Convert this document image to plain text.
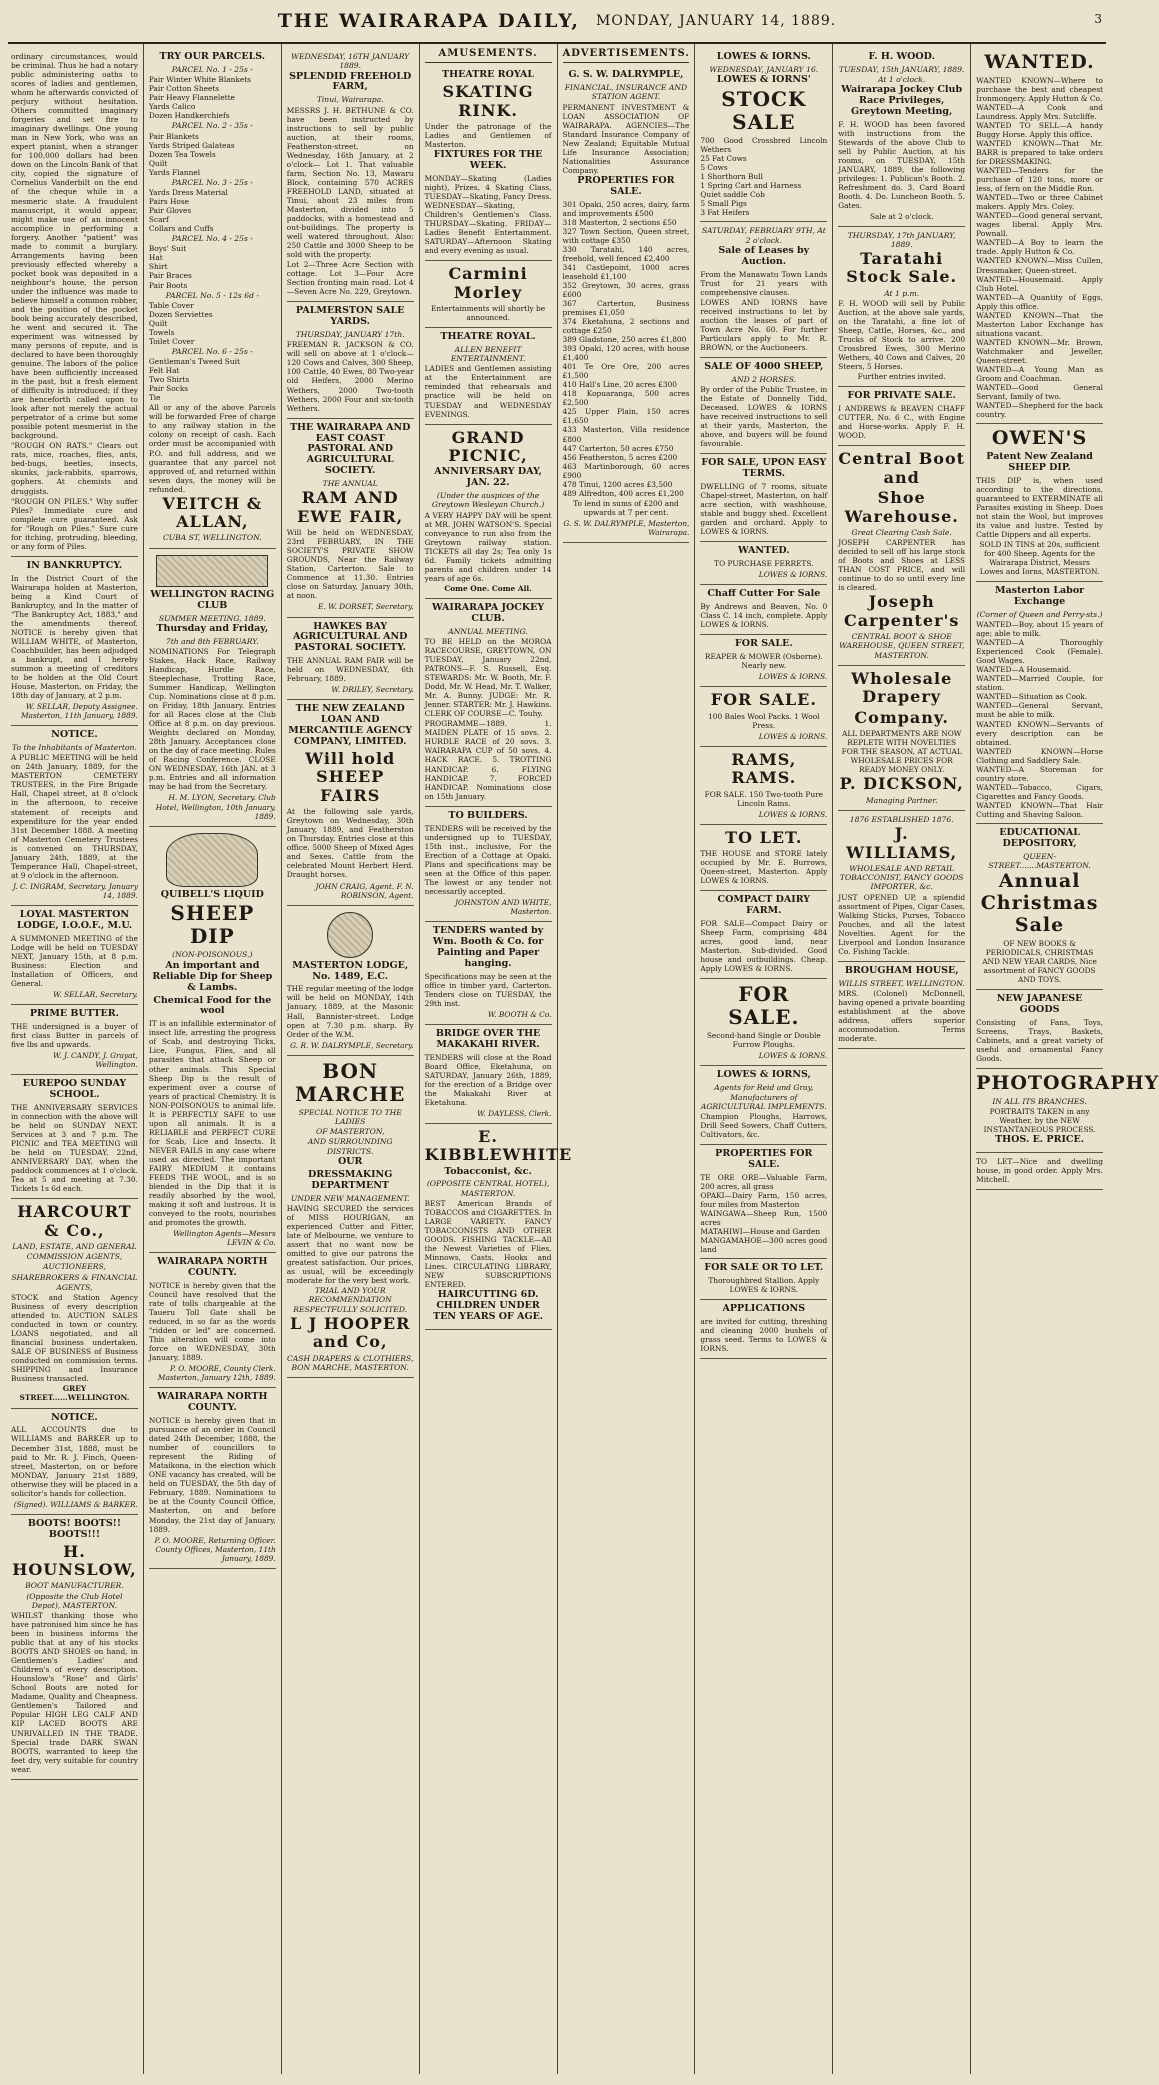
THE WAIRARAPA DAILY, MONDAY, JANUARY 14, 1889.	3

ordinary circumstances, would be criminal. Thus he had a notary public administering oaths to scores of ladies and gentlemen, whom he afterwards convicted of perjury without hesitation. Others committed imaginary forgeries and set fire to imaginary dwellings. One young man in New York, who was an expert pianist, when a stranger for 100,000 dollars had been down on the Lincoln Bank of that city, copied the signature of Cornelius Vanderbilt on the end of the cheque while in a mesmeric state. A fraudulent manuscript, it would appear, might make use of an innocent accomplice in performing a forgery. Another "patient" was made to commit a burglary. Arrangements having been previously effected whereby a pocket book was deposited in a neighbour's house, the person under the influence was made to believe himself a common robber, and the position of the pocket book being accurately described, he went and secured it. The experiment was witnessed by many persons of repute, and is declared to have been thoroughly genuine. The labors of the police have been sufficiently increased in the past, but a fresh element of difficulty is introduced; if they are henceforth called upon to look after not merely the actual perpetrator of a crime but some possible potent mesmerist in the background.

"ROUGH ON RATS." Clears out rats, mice, roaches, flies, ants, bed-bugs, beetles, insects, skunks, jack-rabbits, sparrows, gophers. At chemists and druggists.

"ROUGH ON PILES." Why suffer Piles? Immediate cure and complete cure guaranteed. Ask for "Rough on Piles." Sure cure for itching, protruding, bleeding, or any form of Piles.

IN BANKRUPTCY.

In the District Court of the Wairarapa holden at Masterton, being a Kind Court of Bankruptcy, and In the matter of "The Bankruptcy Act, 1883," and the amendments thereof. NOTICE is hereby given that WILLIAM WHITE, of Masterton, Coachbuilder, has been adjudged a bankrupt, and I hereby summon a meeting of creditors to be holden at the Old Court House, Masterton, on Friday, the 18th day of January, at 2 p.m.

W. SELLAR, Deputy Assignee. Masterton, 11th January, 1889.

NOTICE.
To the Inhabitants of Masterton.

A PUBLIC MEETING will be held on 24th January, 1889, for the MASTERTON CEMETERY TRUSTEES, in the Fire Brigade Hall, Chapel street, at 8 o'clock in the afternoon, to receive statement of receipts and expenditure for the year ended 31st December 1888. A meeting of Masterton Cemetery Trustees is convened on THURSDAY, January 24th, 1889, at the Temperance Hall, Chapel-street, at 9 o'clock in the afternoon.

J. C. INGRAM, Secretary. January 14, 1889.

LOYAL MASTERTON LODGE, I.O.O.F., M.U.

A SUMMONED MEETING of the Lodge will be held on TUESDAY NEXT, January 15th, at 8 p.m. Business: Election and Installation of Officers, and General.

W. SELLAR, Secretary.

PRIME BUTTER.

THE undersigned is a buyer of first class Butter in parcels of five lbs and upwards.

W. J. CANDY, J. Grayat, Wellington.

EUREPOO SUNDAY SCHOOL.

THE ANNIVERSARY SERVICES in connection with the above will be held on SUNDAY NEXT. Services at 3 and 7 p.m. The PICNIC and TEA MEETING will be held on TUESDAY, 22nd, ANNIVERSARY DAY, when the paddock commences at 1 o'clock. Tea at 5 and meeting at 7.30. Tickets 1s 6d each.

HARCOURT & Co.,
LAND, ESTATE, AND GENERAL
COMMISSION AGENTS,
AUCTIONEERS,
SHAREBROKERS & FINANCIAL
AGENTS,

STOCK and Station Agency Business of every description attended to. AUCTION SALES conducted in town or country. LOANS negotiated, and all financial business undertaken. SALE OF BUSINESS of Business conducted on commission terms. SHIPPING and Insurance Business transacted.

GREY STREET......WELLINGTON.

NOTICE.

ALL ACCOUNTS due to WILLIAMS and BARKER up to December 31st, 1888, must be paid to Mr. R. J. Finch, Queen-street, Masterton, on or before MONDAY, January 21st 1889, otherwise they will be placed in a solicitor's hands for collection.

(Signed). WILLIAMS & BARKER.

BOOTS! BOOTS!! BOOTS!!!
H. HOUNSLOW,
BOOT MANUFACTURER.
(Opposite the Club Hotel Depot), MASTERTON.

WHILST thanking those who have patronised him since he has been in business informs the public that at any of his stocks BOOTS AND SHOES on hand, in Gentlemen's Ladies' and Children's of every description. Hounslow's "Rose" and Girls' School Boots are noted for Madame, Quality and Cheapness. Gentlemen's Tailored and Popular HIGH LEG CALF AND KIP LACED BOOTS ARE UNRIVALLED IN THE TRADE. Special trade DARK SWAN BOOTS, warranted to keep the feet dry, very suitable for country wear.

TRY OUR PARCELS.
PARCEL No. 1 - 25s -

Pair Winter White Blankets

Pair Cotton Sheets

Pair Heavy Flannelette

Yards Calico

Dozen Handkerchiefs

PARCEL No. 2 - 35s -

Pair Blankets

Yards Striped Galateas

Dozen Tea Towels

Quilt

Yards Flannel

PARCEL No. 3 - 25s -

Yards Dress Material

Pairs Hose

Pair Gloves

Scarf

Collars and Cuffs

PARCEL No. 4 - 25s -

Boys' Suit

Hat

Shirt

Pair Braces

Pair Boots

PARCEL No. 5 - 12s 6d -

Table Cover

Dozen Serviettes

Quilt

Towels

Toilet Cover

PARCEL No. 6 - 25s -

Gentleman's Tweed Suit

Felt Hat

Two Shirts

Pair Socks

Tie

All or any of the above Parcels will be forwarded Free of charge to any railway station in the colony on receipt of cash. Each order must be accompanied with P.O. and full address, and we guarantee that any parcel not approved of, and returned within seven days, the money will be refunded.

VEITCH & ALLAN,
CUBA ST, WELLINGTON.
WELLINGTON RACING CLUB
SUMMER MEETING, 1889.
Thursday and Friday,
7th and 8th FEBRUARY.

NOMINATIONS For Telegraph Stakes, Hack Race, Railway Handicap, Hurdle Race, Steeplechase, Trotting Race, Summer Handicap, Wellington Cup. Nominations close at 8 p.m. on Friday, 18th January. Entries for all Races close at the Club Office at 8 p.m. on day previous. Weights declared on Monday, 28th January. Acceptances close on the day of race meeting. Rules of Racing Conference. CLOSE ON WEDNESDAY, 16th JAN. at 3 p.m. Entries and all information may be had from the Secretary.

H. M. LYON, Secretary. Club Hotel, Wellington, 10th January, 1889.

QUIBELL'S LIQUID
SHEEP DIP
(NON-POISONOUS.)
An important and Reliable Dip for Sheep & Lambs.
Chemical Food for the wool

IT is an infallible exterminator of insect life, arresting the progress of Scab, and destroying Ticks, Lice, Fungus, Flies, and all parasites that attack Sheep or other animals. This Special Sheep Dip is the result of experiment over a course of years of practical Chemistry. It is NON-POISONOUS to animal life. It is PERFECTLY SAFE to use upon all animals. It is a RELIABLE and PERFECT CURE for Scab, Lice and Insects. It NEVER FAILS in any case where used as directed. The important FAIRY MEDIUM it contains FEEDS THE WOOL, and is so blended in the Dip that it is readily absorbed by the wool, making it soft and lustrous. It is conveyed to the roots, nourishes and promotes the growth.

Wellington Agents—Messrs LEVIN & Co.

WAIRARAPA NORTH COUNTY.

NOTICE is hereby given that the Council have resolved that the rate of tolls chargeable at the Taueru Toll Gate shall be reduced, in so far as the words "ridden or led" are concerned. This alteration will come into force on WEDNESDAY, 30th January, 1889.

P. O. MOORE, County Clerk. Masterton, January 12th, 1889.

WAIRARAPA NORTH COUNTY.

NOTICE is hereby given that in pursuance of an order in Council dated 24th December, 1888, the number of councillors to represent the Riding of Mataikona, in the election which ONE vacancy has created, will be held on TUESDAY, the 5th day of February, 1889. Nominations to be at the County Council Office, Masterton, on and before Monday, the 21st day of January, 1889.

P. O. MOORE, Returning Officer. County Offices, Masterton, 11th January, 1889.

WEDNESDAY, 16TH JANUARY 1889.
SPLENDID FREEHOLD FARM,
Tinui, Wairarapa.

MESSRS J. H. BETHUNE & CO. have been instructed by instructions to sell by public auction, at their rooms, Featherston-street, on Wednesday, 16th January, at 2 o'clock— Lot 1. That valuable farm, Section No. 13, Mawaru Block, containing 570 ACRES FREEHOLD LAND, situated at Tinui, about 23 miles from Masterton, divided into 5 paddocks, with a homestead and out-buildings. The property is well watered throughout. Also: 250 Cattle and 3000 Sheep to be sold with the property.

Lot 2—Three Acre Section with cottage. Lot 3—Four Acre Section fronting main road. Lot 4—Seven Acre No. 229, Greytown.

PALMERSTON SALE YARDS.
THURSDAY, JANUARY 17th.

FREEMAN R. JACKSON & CO. will sell on above at 1 o'clock— 120 Cows and Calves, 300 Sheep, 100 Cattle, 40 Ewes, 80 Two-year old Heifers, 2000 Merino Wethers, 2000 Two-tooth Wethers, 2000 Four and six-tooth Wethers.

THE WAIRARAPA AND EAST COAST PASTORAL AND AGRICULTURAL SOCIETY.
THE ANNUAL
RAM AND EWE FAIR,

Will be held on WEDNESDAY, 23rd FEBRUARY, IN THE SOCIETY'S PRIVATE SHOW GROUNDS, Near the Railway Station, Carterton. Sale to Commence at 11.30. Entries close on Saturday, January 30th, at noon.

E. W. DORSET, Secretary.

HAWKES BAY AGRICULTURAL AND PASTORAL SOCIETY.

THE ANNUAL RAM FAIR will be held on WEDNESDAY, 6th February, 1889.

W. DRILEY, Secretary.

THE NEW ZEALAND LOAN AND MERCANTILE AGENCY COMPANY, LIMITED.
Will hold SHEEP FAIRS

At the following sale yards, Greytown on Wednesday, 30th January, 1889, and Featherston on Thursday. Entries close at this office. 5000 Sheep of Mixed Ages and Sexes. Cattle from the celebrated Mount Herbert Herd. Draught horses.

JOHN CRAIG, Agent. F. N. ROBINSON, Agent.

MASTERTON LODGE, No. 1489, E.C.

THE regular meeting of the lodge will be held on MONDAY, 14th January, 1889, at the Masonic Hall, Bannister-street. Lodge open at 7.30 p.m. sharp. By Order of the W.M.

G. R. W. DALRYMPLE, Secretary.

BON MARCHE
SPECIAL NOTICE TO THE LADIES
OF MASTERTON,
AND SURROUNDING DISTRICTS.
OUR
DRESSMAKING DEPARTMENT
UNDER NEW MANAGEMENT.

HAVING SECURED the services of MISS HOURIGAN, an experienced Cutter and Fitter, late of Melbourne, we venture to assert that no want now be omitted to give our patrons the greatest satisfaction. Our prices, as usual, will be exceedingly moderate for the very best work.

TRIAL AND YOUR RECOMMENDATION RESPECTFULLY SOLICITED.
L J HOOPER and Co,
CASH DRAPERS & CLOTHIERS, BON MARCHE, MASTERTON.
AMUSEMENTS.
THEATRE ROYAL
SKATING RINK.

Under the patronage of the Ladies and Gentlemen of Masterton.

FIXTURES FOR THE WEEK.

MONDAY—Skating (Ladies night), Prizes, 4 Skating Class, TUESDAY—Skating, Fancy Dress. WEDNESDAY—Skating, Children's Gentlemen's Class. THURSDAY—Skating. FRIDAY—Ladies Benefit Entertainment. SATURDAY—Afternoon Skating and every evening as usual.

Carmini Morley

Entertainments will shortly be announced.

THEATRE ROYAL.
ALLEN BENEFIT ENTERTAINMENT.

LADIES and Gentlemen assisting at the Entertainment are reminded that rehearsals and practice will be held on TUESDAY and WEDNESDAY EVENINGS.

GRAND PICNIC,
ANNIVERSARY DAY, JAN. 22.
(Under the auspices of the Greytown Wesleyan Church.)

A VERY HAPPY DAY will be spent at MR. JOHN WATSON'S. Special conveyance to run also from the Greytown railway station. TICKETS all day 2s; Tea only 1s 6d. Family tickets admitting parents and children under 14 years of age 6s.

Come One. Come All.

WAIRARAPA JOCKEY CLUB.
ANNUAL MEETING.

TO BE HELD on the MOROA RACECOURSE, GREYTOWN, ON TUESDAY, January 22nd, PATRONS—F. S. Russell, Esq. STEWARDS: Mr. W. Booth, Mr. F. Dodd, Mr. W. Head, Mr. T. Walker, Mr. A. Bunny. JUDGE: Mr. R. Jenner. STARTER: Mr. J. Hawkins. CLERK OF COURSE—C. Touhy.

PROGRAMME—1889. 1. MAIDEN PLATE of 15 sovs. 2. HURDLE RACE of 20 sovs. 3. WAIRARAPA CUP of 50 sovs. 4. HACK RACE. 5. TROTTING HANDICAP. 6. FLYING HANDICAP. 7. FORCED HANDICAP. Nominations close on 15th January.

TO BUILDERS.

TENDERS will be received by the undersigned up to TUESDAY, 15th inst., inclusive, For the Erection of a Cottage at Opaki. Plans and specifications may be seen at the Office of this paper. The lowest or any tender not necessarily accepted.

JOHNSTON AND WHITE, Masterton.

TENDERS wanted by Wm. Booth & Co. for Painting and Paper hanging.

Specifications may be seen at the office in timber yard, Carterton. Tenders close on TUESDAY, the 29th inst.

W. BOOTH & Co.

BRIDGE OVER THE MAKAKAHI RIVER.

TENDERS will close at the Road Board Office, Eketahuna, on SATURDAY, January 26th, 1889, for the erection of a Bridge over the Makakahi River at Eketahuna.

W. DAYLESS, Clerk.

E. KIBBLEWHITE
Tobacconist, &c.
(OPPOSITE CENTRAL HOTEL), MASTERTON.

BEST American Brands of TOBACCOS and CIGARETTES. In LARGE VARIETY. FANCY TOBACCONISTS AND OTHER GOODS. FISHING TACKLE—All the Newest Varieties of Flies, Minnows, Casts, Hooks and Lines. CIRCULATING LIBRARY, NEW SUBSCRIPTIONS ENTERED.

HAIRCUTTING 6D. CHILDREN UNDER TEN YEARS OF AGE.
ADVERTISEMENTS.
G. S. W. DALRYMPLE,
FINANCIAL, INSURANCE AND STATION AGENT.

PERMANENT INVESTMENT & LOAN ASSOCIATION OF WAIRARAPA. AGENCIES—The Standard Insurance Company of New Zealand; Equitable Mutual Life Insurance Association; Nationalities Assurance Company.

PROPERTIES FOR SALE.

301 Opaki, 250 acres, dairy, farm and improvements £500

318 Masterton, 2 sections £50

327 Town Section, Queen street, with cottage £350

330 Taratahi, 140 acres, freehold, well fenced £2,400

341 Castlepoint, 1000 acres leasehold £1,100

352 Greytown, 30 acres, grass £600

367 Carterton, Business premises £1,050

374 Eketahuna, 2 sections and cottage £250

389 Gladstone, 250 acres £1,800

393 Opaki, 120 acres, with house £1,400

401 Te Ore Ore, 200 acres £1,500

410 Hall's Line, 20 acres £300

418 Kopuaranga, 500 acres £2,500

425 Upper Plain, 150 acres £1,650

433 Masterton, Villa residence £800

447 Carterton, 50 acres £750

456 Featherston, 5 acres £200

463 Martinborough, 60 acres £900

478 Tinui, 1200 acres £3,500

489 Alfredton, 400 acres £1,200

To lend in sums of £200 and upwards at 7 per cent.

G. S. W. DALRYMPLE, Masterton, Wairarapa.

LOWES & IORNS.
WEDNESDAY, JANUARY 16.
LOWES & IORNS'
STOCK SALE

700 Good Crossbred Lincoln Wethers

25 Fat Cows

5 Cows

1 Shorthorn Bull

1 Spring Cart and Harness

Quiet saddle Cob

5 Small Pigs

3 Fat Heifers

SATURDAY, FEBRUARY 9TH, At 2 o'clock.
Sale of Leases by Auction.

From the Manawatu Town Lands Trust for 21 years with comprehensive clauses.

LOWES AND IORNS have received instructions to let by auction the leases of part of Town Acre No. 60. For further Particulars apply to Mr. R. BROWN, or the Auctioneers.

SALE OF 4000 SHEEP,
AND 2 HORSES.

By order of the Public Trustee, in the Estate of Donnelly Tidd, Deceased. LOWES & IORNS have received instructions to sell at their yards, Masterton, the above, and buyers will be found favourable.

FOR SALE, UPON EASY TERMS.

DWELLING of 7 rooms, situate Chapel-street, Masterton, on half acre section, with washhouse, stable and buggy shed. Excellent garden and orchard. Apply to LOWES & IORNS.

WANTED.

TO PURCHASE FERRETS.

LOWES & IORNS.

Chaff Cutter For Sale

By Andrews and Beaven, No. 0 Class C. 14 inch, complete. Apply LOWES & IORNS.

FOR SALE.

REAPER & MOWER (Osborne). Nearly new.

LOWES & IORNS.

FOR SALE.

100 Bales Wool Packs. 1 Wool Press.

LOWES & IORNS.

RAMS, RAMS.

FOR SALE. 150 Two-tooth Pure Lincoln Rams.

LOWES & IORNS.

TO LET.

THE HOUSE and STORE lately occupied by Mr. E. Burrows, Queen-street, Masterton. Apply LOWES & IORNS.

COMPACT DAIRY FARM.

FOR SALE—Compact Dairy or Sheep Farm, comprising 484 acres, good land, near Masterton. Sub-divided. Good house and outbuildings. Cheap. Apply LOWES & IORNS.

FOR SALE.

Second-hand Single or Double Furrow Ploughs.

LOWES & IORNS.

LOWES & IORNS,
Agents for Reid and Gray, Manufacturers of AGRICULTURAL IMPLEMENTS.

Champion Ploughs, Harrows, Drill Seed Sowers, Chaff Cutters, Cultivators, &c.

PROPERTIES FOR SALE.

TE ORE ORE—Valuable Farm, 200 acres, all grass

OPAKI—Dairy Farm, 150 acres, four miles from Masterton

WAINGAWA—Sheep Run, 1500 acres

MATAHIWI—House and Garden

MANGAMAHOE—300 acres good land

FOR SALE OR TO LET.

Thoroughbred Stallion. Apply LOWES & IORNS.

APPLICATIONS

are invited for cutting, threshing and cleaning 2000 bushels of grass seed. Terms to LOWES & IORNS.

F. H. WOOD.
TUESDAY, 15th JANUARY, 1889.
At 1 o'clock.
Wairarapa Jockey Club Race Privileges, Greytown Meeting,

F. H. WOOD has been favored with instructions from the Stewards of the above Club to sell by Public Auction, at his rooms, on TUESDAY, 15th JANUARY, 1889, the following privileges: 1. Publican's Booth. 2. Refreshment do. 3. Card Board Booth. 4. Do. Luncheon Booth. 5. Gates.

Sale at 2 o'clock.

THURSDAY, 17th JANUARY, 1889.
Taratahi Stock Sale.
At 1 p.m.

F. H. WOOD will sell by Public Auction, at the above sale yards, on the Taratahi, a fine lot of Sheep, Cattle, Horses, &c., and Trucks of Stock to arrive. 200 Crossbred Ewes, 300 Merino Wethers, 40 Cows and Calves, 20 Steers, 5 Horses.

Further entries invited.

FOR PRIVATE SALE.

I ANDREWS & BEAVEN CHAFF CUTTER, No. 6 C., with Engine and Horse-works. Apply F. H. WOOD.

Central Boot and
Shoe Warehouse.
Great Clearing Cash Sale.

JOSEPH CARPENTER has decided to sell off his large stock of Boots and Shoes at LESS THAN COST PRICE, and will continue to do so until every line is cleared.

Joseph Carpenter's
CENTRAL BOOT & SHOE WAREHOUSE, QUEEN STREET, MASTERTON.
Wholesale Drapery
Company.

ALL DEPARTMENTS ARE NOW REPLETE WITH NOVELTIES FOR THE SEASON, AT ACTUAL WHOLESALE PRICES FOR READY MONEY ONLY.

P. DICKSON,
Managing Partner.
1876 ESTABLISHED 1876.
J. WILLIAMS,
WHOLESALE AND RETAIL TOBACCONIST, FANCY GOODS IMPORTER, &c.

JUST OPENED UP, a splendid assortment of Pipes, Cigar Cases, Walking Sticks, Purses, Tobacco Pouches, and all the latest Novelties. Agent for the Liverpool and London Insurance Co. Fishing Tackle.

BROUGHAM HOUSE,
WILLIS STREET, WELLINGTON.

MRS. (Colonel) McDonnell, having opened a private boarding establishment at the above address, offers superior accommodation. Terms moderate.

WANTED.

WANTED KNOWN—Where to purchase the best and cheapest Ironmongery. Apply Hutton & Co.

WANTED—A Cook and Laundress. Apply Mrs. Sutcliffe.

WANTED TO SELL—A handy Buggy Horse. Apply this office.

WANTED KNOWN—That Mr. BARR is prepared to take orders for DRESSMAKING.

WANTED—Tenders for the purchase of 120 tons, more or less, of fern on the Middle Run.

WANTED—Two or three Cabinet makers. Apply Mrs. Coley.

WANTED—Good general servant, wages liberal. Apply Mrs. Pownall.

WANTED—A Boy to learn the trade. Apply Hutton & Co.

WANTED KNOWN—Miss Cullen, Dressmaker, Queen-street.

WANTED—Housemaid. Apply Club Hotel.

WANTED—A Quantity of Eggs, Apply this office.

WANTED KNOWN—That the Masterton Labor Exchange has situations vacant.

WANTED KNOWN—Mr. Brown, Watchmaker and Jeweller, Queen-street.

WANTED—A Young Man as Groom and Coachman.

WANTED—Good General Servant, family of two.

WANTED—Shepherd for the back country.

OWEN'S
Patent New Zealand SHEEP DIP.

THIS DIP is, when used according to the directions, guaranteed to EXTERMINATE all Parasites existing in Sheep. Does not stain the Wool, but improves its value and lustre. Tested by Cattle Dippers and all experts.

SOLD IN TINS at 20s, sufficient for 400 Sheep. Agents for the Wairarapa District, Messrs Lowes and Iorns, MASTERTON.

Masterton Labor Exchange
(Corner of Queen and Perry-sts.)

WANTED—Boy, about 15 years of age; able to milk.

WANTED—A Thoroughly Experienced Cook (Female). Good Wages.

WANTED—A Housemaid.

WANTED—Married Couple, for station.

WANTED—Situation as Cook.

WANTED—General Servant, must be able to milk.

WANTED KNOWN—Servants of every description can be obtained.

WANTED KNOWN—Horse Clothing and Saddlery Sale.

WANTED—A Storeman for country store.

WANTED—Tobacco, Cigars, Cigarettes and Fancy Goods.

WANTED KNOWN—That Hair Cutting and Shaving Saloon.

EDUCATIONAL DEPOSITORY,
QUEEN-STREET.......MASTERTON.
Annual Christmas Sale

OF NEW BOOKS & PERIODICALS, CHRISTMAS AND NEW YEAR CARDS, Nice assortment of FANCY GOODS AND TOYS.

NEW JAPANESE GOODS

Consisting of Fans, Toys, Screens, Trays, Baskets, Cabinets, and a great variety of useful and ornamental Fancy Goods.

PHOTOGRAPHY
IN ALL ITS BRANCHES.

PORTRAITS TAKEN in any Weather, by the NEW INSTANTANEOUS PROCESS.

THOS. E. PRICE.

TO LET—Nice and dwelling house, in good order. Apply Mrs. Mitchell.
